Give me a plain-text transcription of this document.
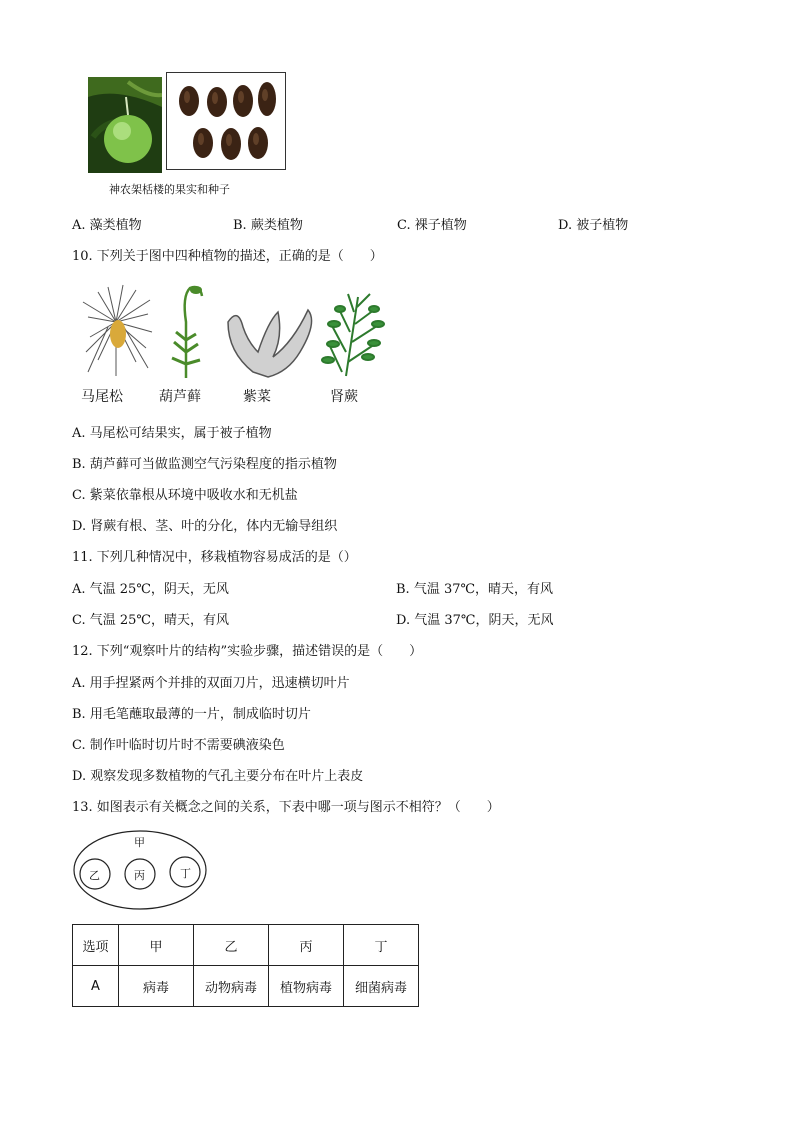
神农架栝楼的果实和种子
A. 藻类植物	B. 蕨类植物	C. 裸子植物	D. 被子植物
10. 下列关于图中四种植物的描述，正确的是（　　）
马尾松	葫芦藓	紫菜	肾蕨
A. 马尾松可结果实，属于被子植物
B. 葫芦藓可当做监测空气污染程度的指示植物
C. 紫菜依靠根从环境中吸收水和无机盐
D. 肾蕨有根、茎、叶的分化，体内无输导组织
11. 下列几种情况中，移栽植物容易成活的是（）
A. 气温 25℃，阴天，无风	B. 气温 37℃，晴天，有风
C. 气温 25℃，晴天，有风	D. 气温 37℃，阴天，无风
12. 下列“观察叶片的结构”实验步骤，描述错误的是（　　）
A. 用手捏紧两个并排的双面刀片，迅速横切叶片
B. 用毛笔蘸取最薄的一片，制成临时切片
C. 制作叶临时切片时不需要碘液染色
D. 观察发现多数植物的气孔主要分布在叶片上表皮
13. 如图表示有关概念之间的关系，下表中哪一项与图示不相符？（　　）
甲
乙	丙	丁
选项	甲	乙	丙	丁
A	病毒	动物病毒	植物病毒	细菌病毒
